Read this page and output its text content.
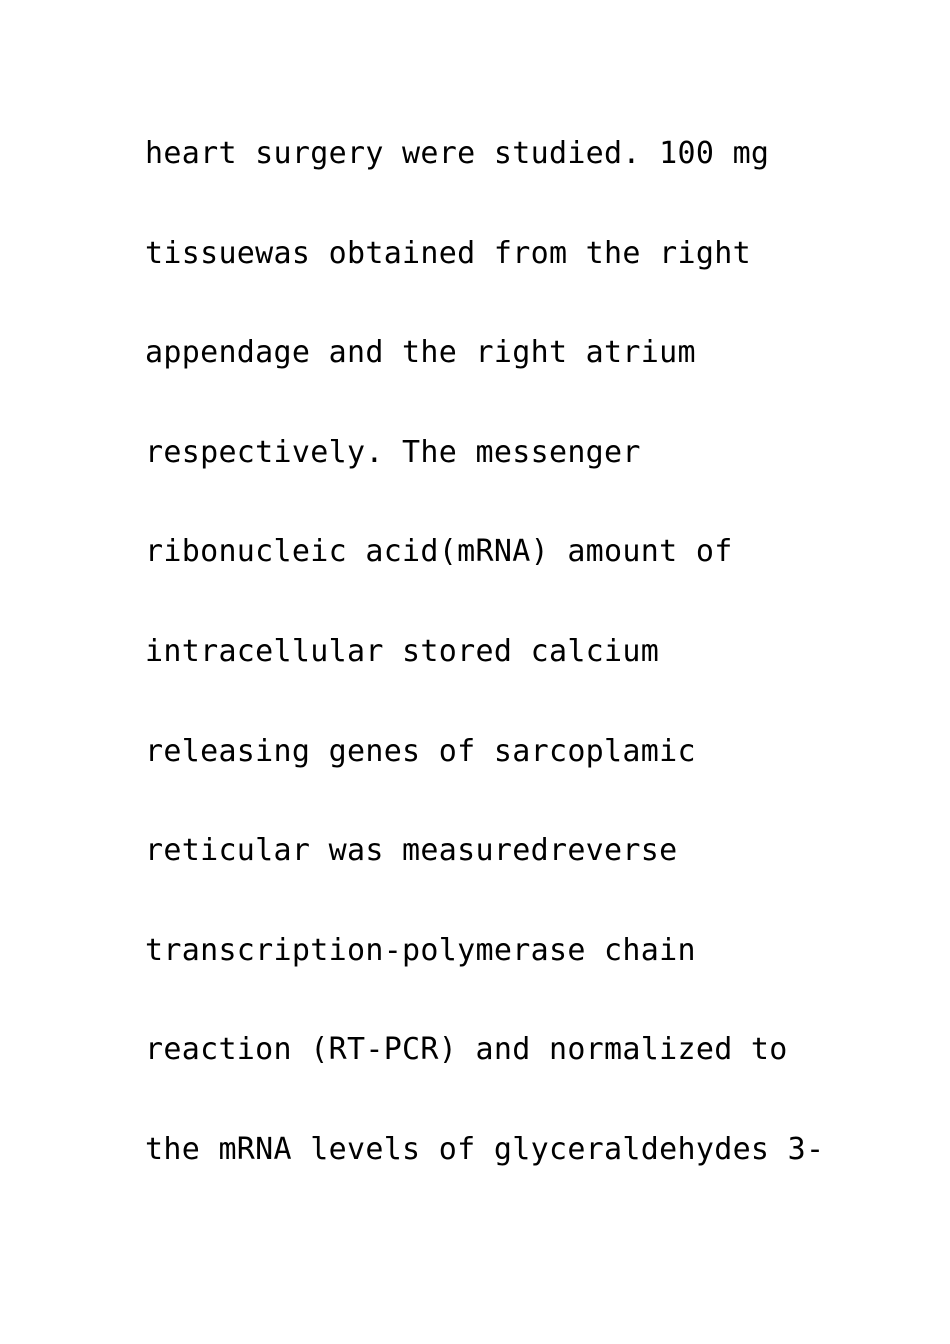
heart surgery were studied. 100 mg
tissuewas obtained from the right
appendage and the right atrium
respectively. The messenger
ribonucleic acid(mRNA) amount of
intracellular stored calcium
releasing genes of sarcoplamic
reticular was measuredreverse
transcription-polymerase chain
reaction (RT-PCR) and normalized to
the mRNA levels of glyceraldehydes 3-
